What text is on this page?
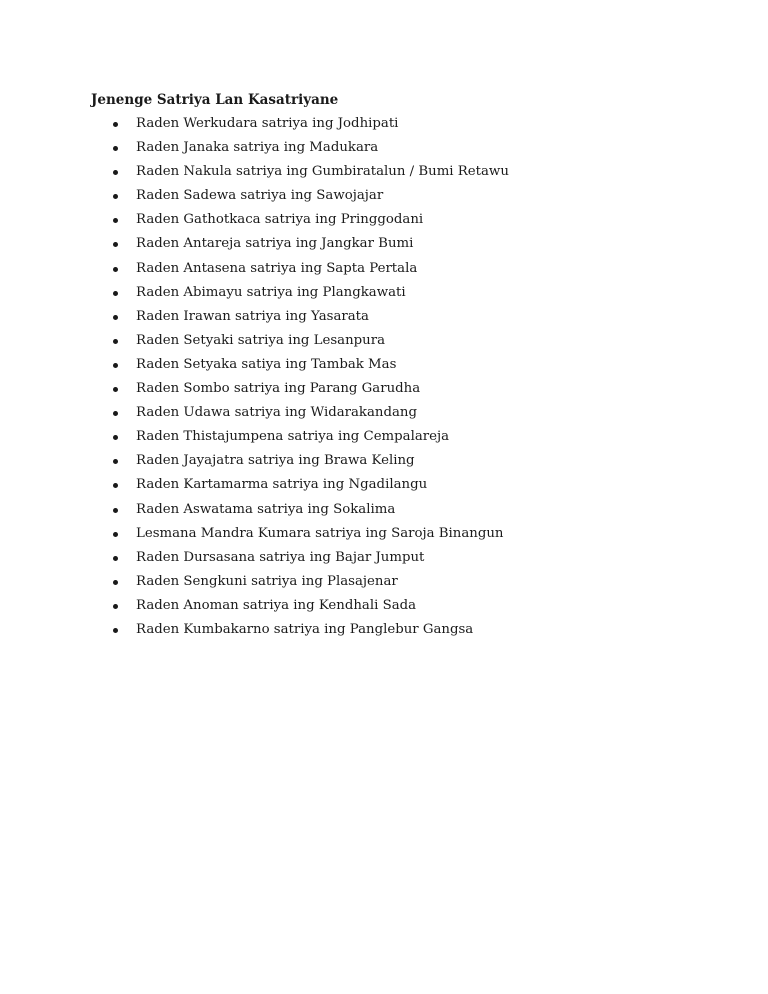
Jenenge Satriya Lan Kasatriyane
Raden Werkudara satriya ing Jodhipati
Raden Janaka satriya ing Madukara
Raden Nakula satriya ing Gumbiratalun / Bumi Retawu
Raden Sadewa satriya ing Sawojajar
Raden Gathotkaca satriya ing Pringgodani
Raden Antareja satriya ing Jangkar Bumi
Raden Antasena satriya ing Sapta Pertala
Raden Abimayu satriya ing Plangkawati
Raden Irawan satriya ing Yasarata
Raden Setyaki satriya ing Lesanpura
Raden Setyaka satiya ing Tambak Mas
Raden Sombo satriya ing Parang Garudha
Raden Udawa satriya ing Widarakandang
Raden Thistajumpena satriya ing Cempalareja
Raden Jayajatra satriya ing Brawa Keling
Raden Kartamarma satriya ing Ngadilangu
Raden Aswatama satriya ing Sokalima
Lesmana Mandra Kumara satriya ing Saroja Binangun
Raden Dursasana satriya ing Bajar Jumput
Raden Sengkuni satriya ing Plasajenar
Raden Anoman satriya ing Kendhali Sada
Raden Kumbakarno satriya ing Panglebur Gangsa
